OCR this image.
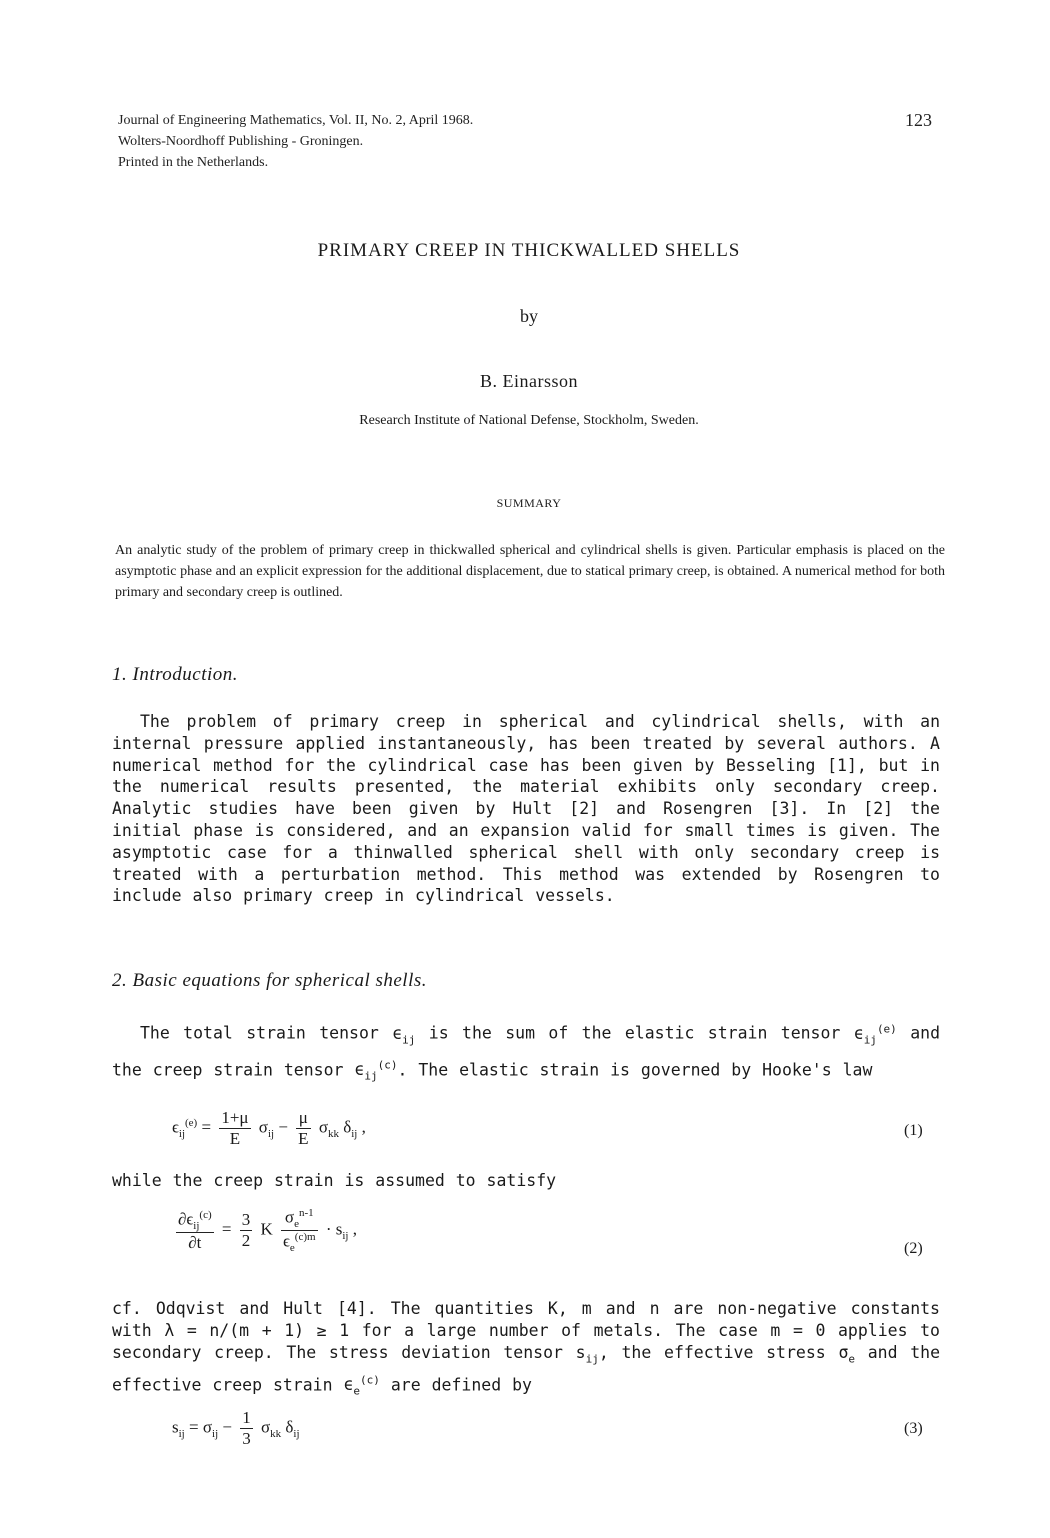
Journal of Engineering Mathematics, Vol. II, No. 2, April 1968.
Wolters-Noordhoff Publishing - Groningen.
Printed in the Netherlands.
123
PRIMARY CREEP IN THICKWALLED SHELLS
by
B. Einarsson
Research Institute of National Defense, Stockholm, Sweden.
SUMMARY
An analytic study of the problem of primary creep in thickwalled spherical and cylindrical shells is given. Particular emphasis is placed on the asymptotic phase and an explicit expression for the additional displacement, due to statical primary creep, is obtained. A numerical method for both primary and secondary creep is outlined.
1. Introduction.
The problem of primary creep in spherical and cylindrical shells, with an internal pressure applied instantaneously, has been treated by several authors. A numerical method for the cylindrical case has been given by Besseling [1], but in the numerical results presented, the material exhibits only secondary creep. Analytic studies have been given by Hult [2] and Rosengren [3]. In [2] the initial phase is considered, and an expansion valid for small times is given. The asymptotic case for a thinwalled spherical shell with only secondary creep is treated with a perturbation method. This method was extended by Rosengren to include also primary creep in cylindrical vessels.
2. Basic equations for spherical shells.
The total strain tensor $\epsilon_{ij}$ is the sum of the elastic strain tensor $\epsilon_{ij}^{(e)}$ and the creep strain tensor $\epsilon_{ij}^{(c)}$. The elastic strain is governed by Hooke's law
$\epsilon_{ij}^{(e)} = \frac{1+\mu}{E} \sigma_{ij} - \frac{\mu}{E} \sigma_{kk}$ $\delta_{ij}$ ,	(1)
while the creep strain is assumed to satisfy
$\frac{\partial\epsilon_{ij}^{(c)}}{\partial t} = \frac{3}{2}$ K $\frac{\sigma_e^{n-1}}{\epsilon_e^{(c)m}} \cdot s_{ij}$ ,
(2)
cf. Odqvist and Hult [4]. The quantities K, m and n are non-negative constants with λ = n/(m + 1) ≥ 1 for a large number of metals. The case m = 0 applies to secondary creep. The stress deviation tensor $s_{ij}$, the effective stress $\sigma_e$ and the effective creep strain $\epsilon_e^{(c)}$ are defined by
$s_{ij} = \sigma_{ij} - \frac{1}{3} \sigma_{kk}$ $\delta_{ij}$	(3)
